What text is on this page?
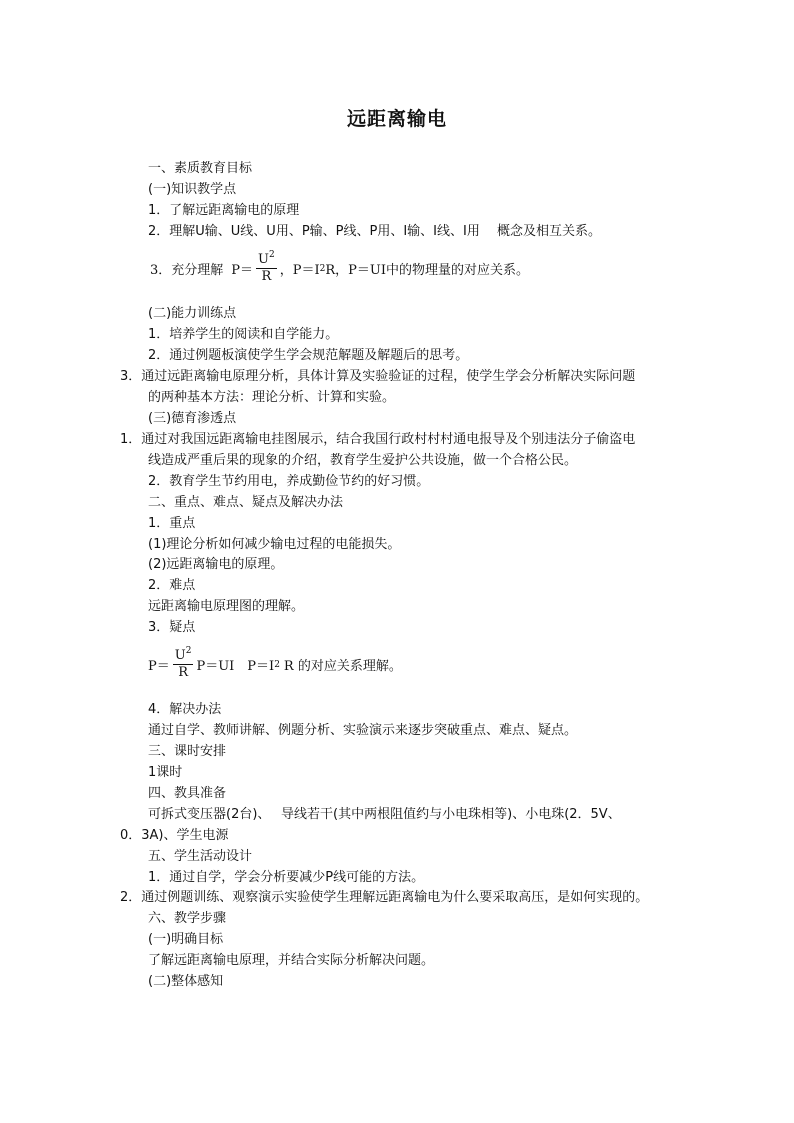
远距离输电
一、素质教育目标
(一)知识教学点
1．了解远距离输电的原理
2．理解U输、U线、U用、P输、P线、P用、I输、I线、I用　 概念及相互关系。
3．充分理解 $P= \frac{U^2}{R}$ ，P＝I 2 R，P＝UI中的物理量的对应关系。
(二)能力训练点
1．培养学生的阅读和自学能力。
2．通过例题板演使学生学会规范解题及解题后的思考。
3．通过远距离输电原理分析，具体计算及实验验证的过程，使学生学会分析解决实际问题
的两种基本方法：理论分析、计算和实验。
(三)德育渗透点
1．通过对我国远距离输电挂图展示，结合我国行政村村村通电报导及个别违法分子偷盗电
线造成严重后果的现象的介绍，教育学生爱护公共设施，做一个合格公民。
2．教育学生节约用电，养成勤俭节约的好习惯。
二、重点、难点、疑点及解决办法
1．重点
(1)理论分析如何减少输电过程的电能损失。
(2)远距离输电的原理。
2．难点
远距离输电原理图的理解。
3．疑点
$P= \frac{U^2}{R} P=UI$　P＝I 2 R 的对应关系理解。
4．解决办法
通过自学、教师讲解、例题分析、实验演示来逐步突破重点、难点、疑点。
三、课时安排
1课时
四、教具准备
可拆式变压器(2台)、　 导线若干(其中两根阻值约与小电珠相等)、小电珠(2．5V、
0．3A)、学生电源
五、学生活动设计
1．通过自学，学会分析要减少P线可能的方法。
2．通过例题训练、观察演示实验使学生理解远距离输电为什么要采取高压，是如何实现的。
六、教学步骤
(一)明确目标
了解远距离输电原理，并结合实际分析解决问题。
(二)整体感知
